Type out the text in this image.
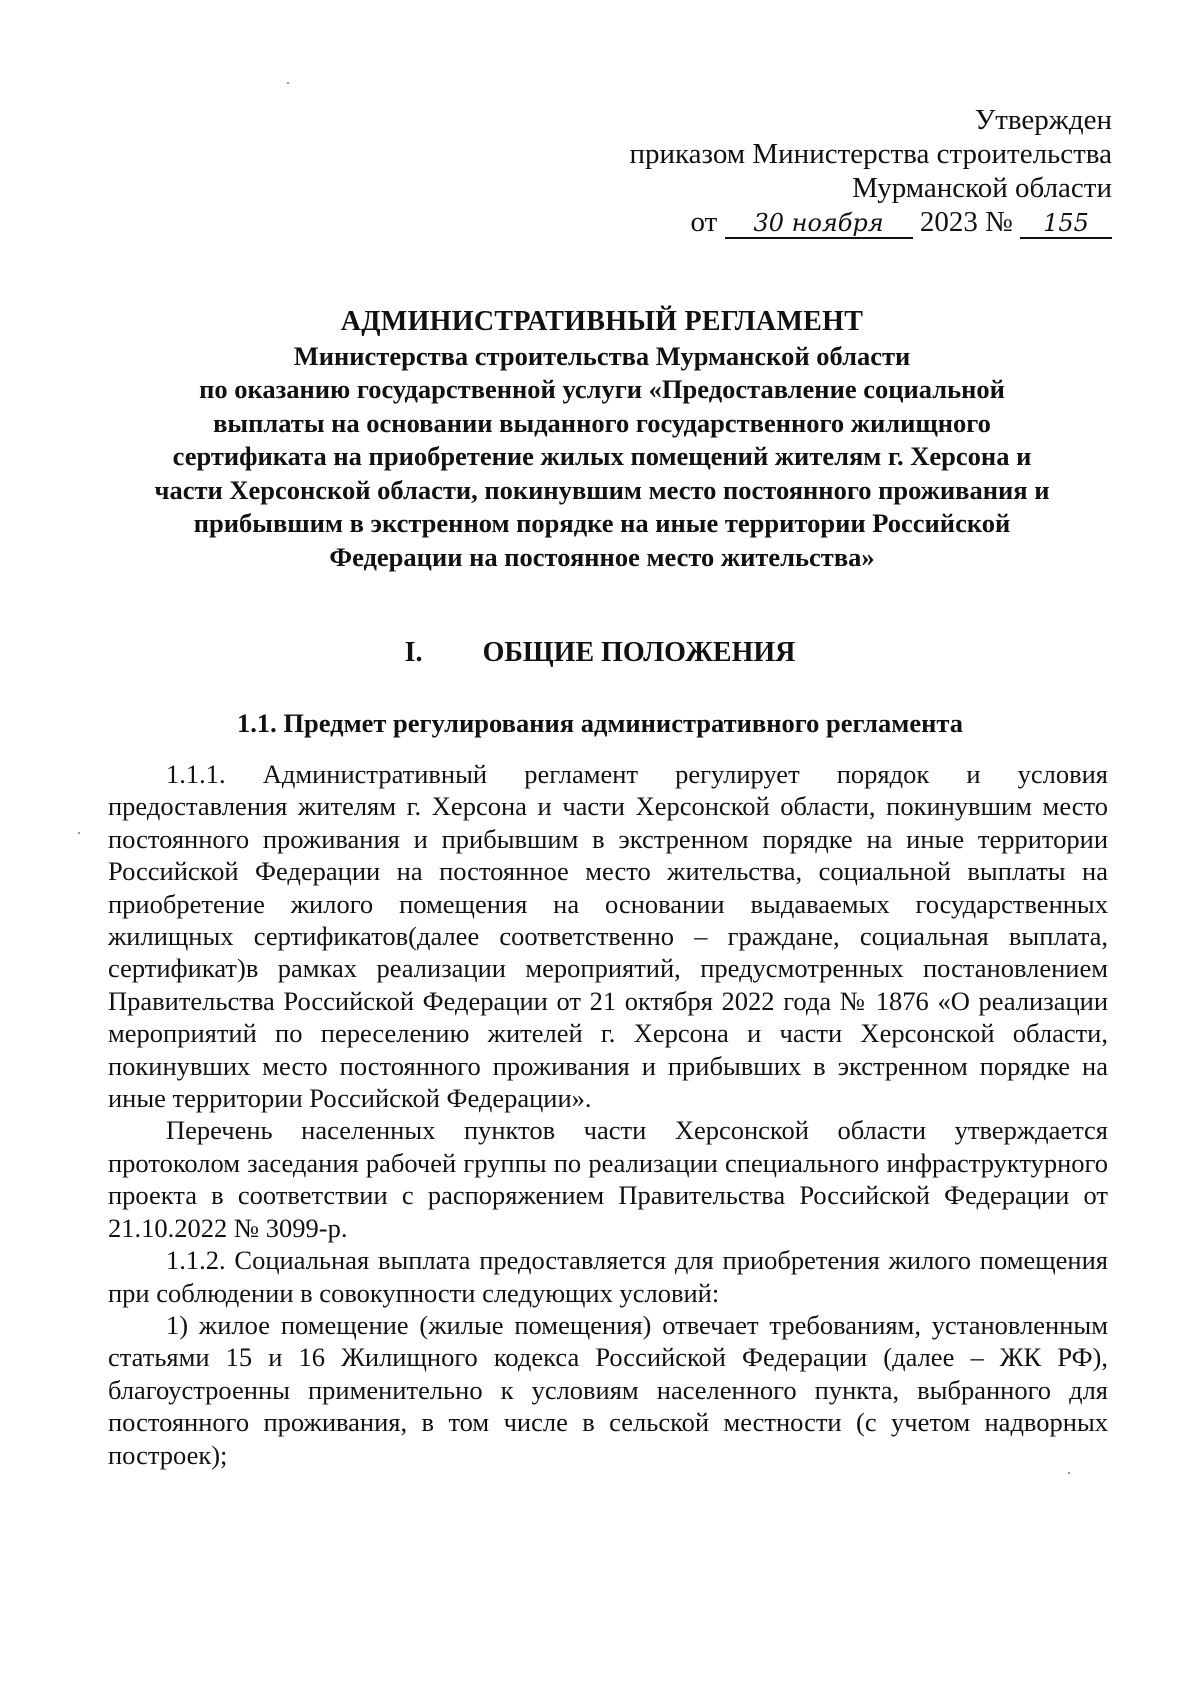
Утвержден
приказом Министерства строительства
Мурманской области
от 30 ноября 2023 № 155
АДМИНИСТРАТИВНЫЙ РЕГЛАМЕНТ
Министерства строительства Мурманской области
по оказанию государственной услуги «Предоставление социальной
выплаты на основании выданного государственного жилищного
сертификата на приобретение жилых помещений жителям г. Херсона и
части Херсонской области, покинувшим место постоянного проживания и
прибывшим в экстренном порядке на иные территории Российской
Федерации на постоянное место жительства»
I. ОБЩИЕ ПОЛОЖЕНИЯ
1.1. Предмет регулирования административного регламента

1.1.1. Административный регламент регулирует порядок и условия предоставления жителям г. Херсона и части Херсонской области, покинувшим место постоянного проживания и прибывшим в экстренном порядке на иные территории Российской Федерации на постоянное место жительства, социальной выплаты на приобретение жилого помещения на основании выдаваемых государственных жилищных сертификатов(далее соответственно – граждане, социальная выплата, сертификат)в рамках реализации мероприятий, предусмотренных постановлением Правительства Российской Федерации от 21 октября 2022 года № 1876 «О реализации мероприятий по переселению жителей г. Херсона и части Херсонской области, покинувших место постоянного проживания и прибывших в экстренном порядке на иные территории Российской Федерации».

Перечень населенных пунктов части Херсонской области утверждается протоколом заседания рабочей группы по реализации специального инфраструктурного проекта в соответствии с распоряжением Правительства Российской Федерации от 21.10.2022 № 3099-р.

1.1.2. Социальная выплата предоставляется для приобретения жилого помещения при соблюдении в совокупности следующих условий:

1) жилое помещение (жилые помещения) отвечает требованиям, установленным статьями 15 и 16 Жилищного кодекса Российской Федерации (далее – ЖК РФ), благоустроенны применительно к условиям населенного пункта, выбранного для постоянного проживания, в том числе в сельской местности (с учетом надворных построек);
